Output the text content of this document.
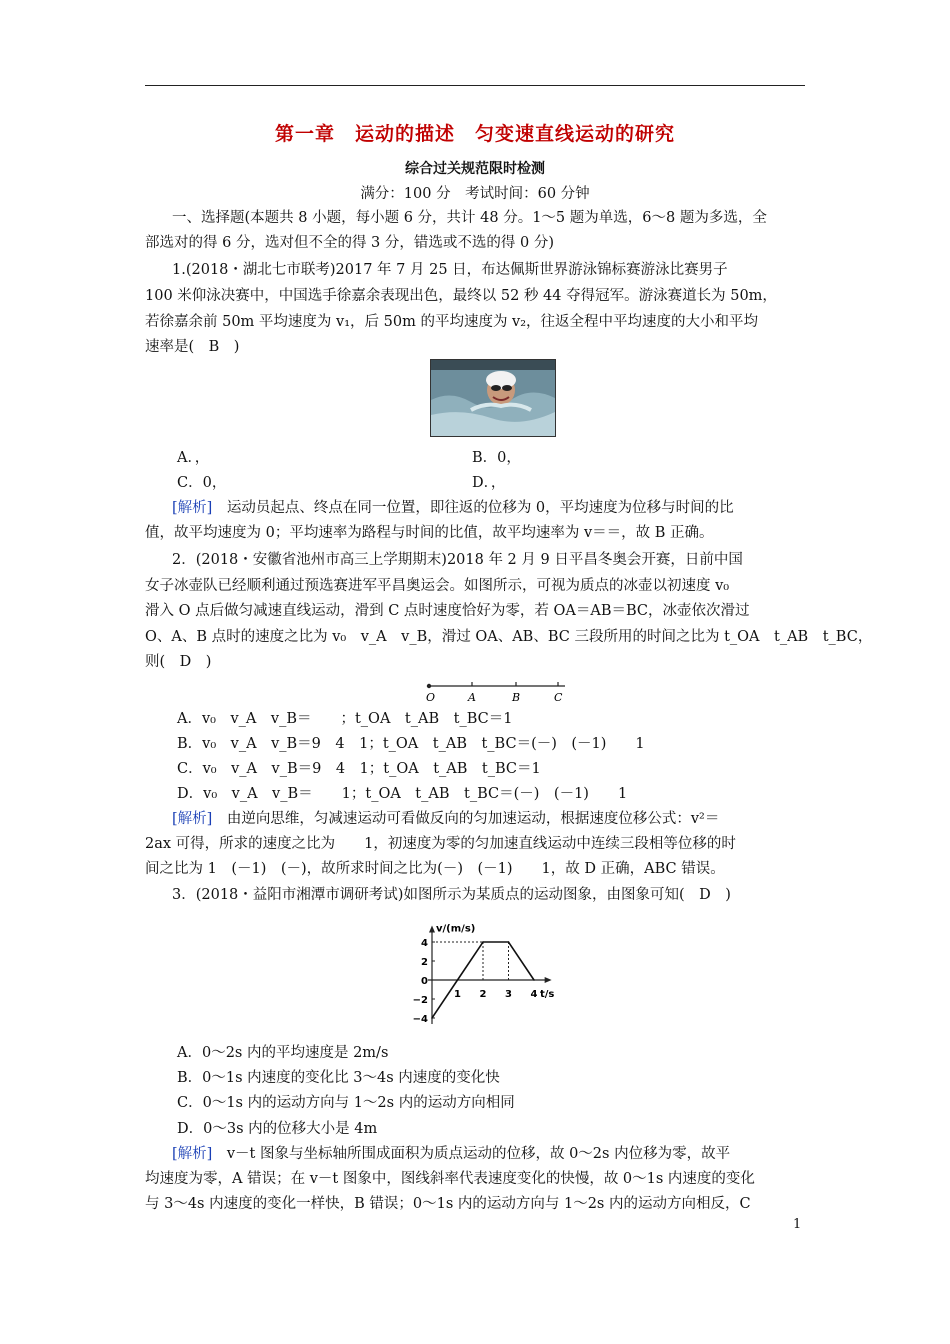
第一章　运动的描述　匀变速直线运动的研究
综合过关规范限时检测
满分：100 分　考试时间：60 分钟
一、选择题(本题共 8 小题，每小题 6 分，共计 48 分。1～5 题为单选，6～8 题为多选，全
部选对的得 6 分，选对但不全的得 3 分，错选或不选的得 0 分)
1.(2018・湖北七市联考)2017 年 7 月 25 日，布达佩斯世界游泳锦标赛游泳比赛男子
100 米仰泳决赛中，中国选手徐嘉余表现出色，最终以 52 秒 44 夺得冠军。游泳赛道长为 50m，
若徐嘉余前 50m 平均速度为 v₁，后 50m 的平均速度为 v₂，往返全程中平均速度的大小和平均
速率是(　B　)
A．，	B．0，
C．0，	D．，
[解析]　运动员起点、终点在同一位置，即往返的位移为 0，平均速度为位移与时间的比
值，故平均速度为 0；平均速率为路程与时间的比值，故平均速率为 v＝＝，故 B 正确。
2．(2018・安徽省池州市高三上学期期末)2018 年 2 月 9 日平昌冬奥会开赛，日前中国
女子冰壶队已经顺利通过预选赛进军平昌奥运会。如图所示，可视为质点的冰壶以初速度 v₀
滑入 O 点后做匀减速直线运动，滑到 C 点时速度恰好为零，若 OA＝AB＝BC，冰壶依次滑过
O、A、B 点时的速度之比为 v₀　v_A　v_B，滑过 OA、AB、BC 三段所用的时间之比为 t_OA　t_AB　t_BC，
则(　D　)
O	A	B	C
A．v₀　v_A　v_B＝　　；t_OA　t_AB　t_BC＝1
B．v₀　v_A　v_B＝9　4　1；t_OA　t_AB　t_BC＝(－)　(－1)　　1
C．v₀　v_A　v_B＝9　4　1；t_OA　t_AB　t_BC＝1
D．v₀　v_A　v_B＝　　1；t_OA　t_AB　t_BC＝(－)　(－1)　　1
[解析]　由逆向思维，匀减速运动可看做反向的匀加速运动，根据速度位移公式：v²＝
2ax 可得，所求的速度之比为　　1，初速度为零的匀加速直线运动中连续三段相等位移的时
间之比为 1　(－1)　(－)，故所求时间之比为(－)　(－1)　　1，故 D 正确，ABC 错误。
3．(2018・益阳市湘潭市调研考试)如图所示为某质点的运动图象，由图象可知(　D　)
v/(m/s)
t/s
4
2
0
−2
−4
1 2 3 4
A．0～2s 内的平均速度是 2m/s
B．0～1s 内速度的变化比 3～4s 内速度的变化快
C．0～1s 内的运动方向与 1～2s 内的运动方向相同
D．0～3s 内的位移大小是 4m
[解析]　v－t 图象与坐标轴所围成面积为质点运动的位移，故 0～2s 内位移为零，故平
均速度为零，A 错误；在 v－t 图象中，图线斜率代表速度变化的快慢，故 0～1s 内速度的变化
与 3～4s 内速度的变化一样快，B 错误；0～1s 内的运动方向与 1～2s 内的运动方向相反，C
1
